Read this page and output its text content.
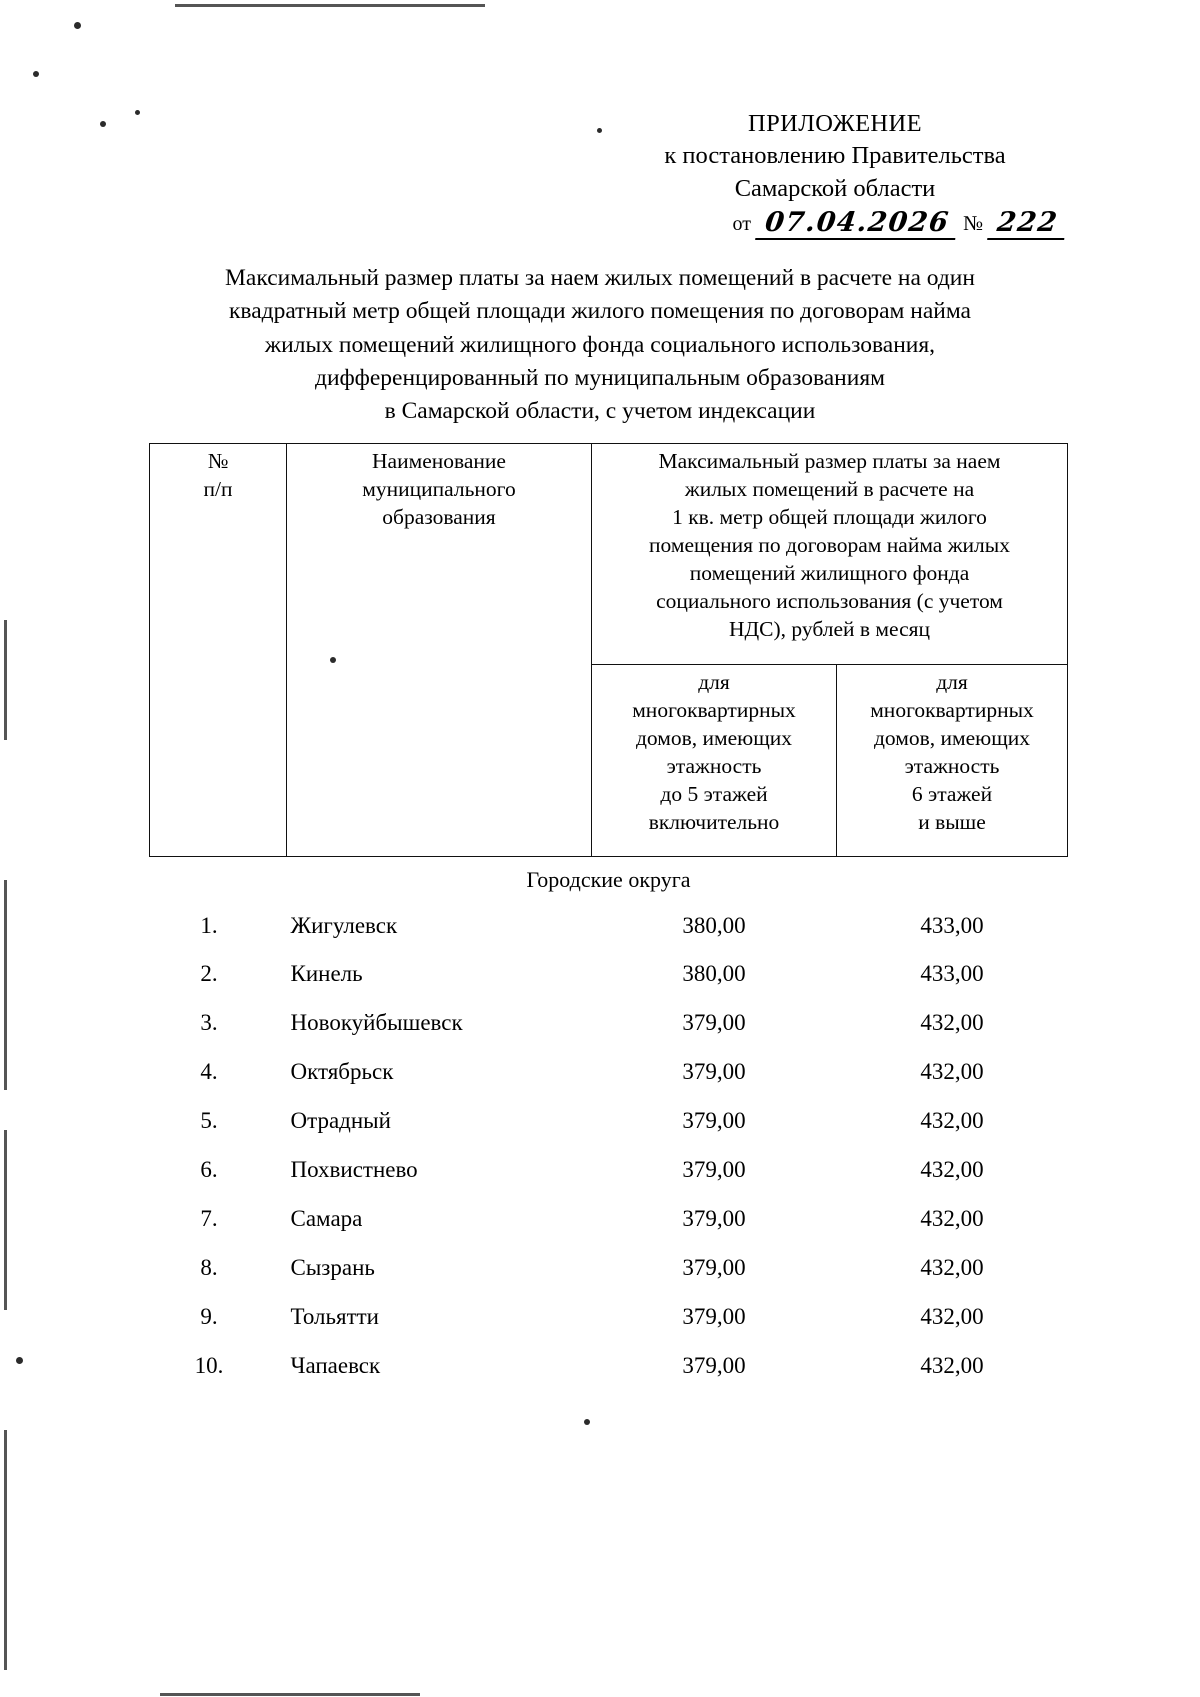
ПРИЛОЖЕНИЕ
к постановлению Правительства
Самарской области
от 07.04.2026 № 222
Максимальный размер платы за наем жилых помещений в расчете на один
квадратный метр общей площади жилого помещения по договорам найма
жилых помещений жилищного фонда социального использования,
дифференцированный по муниципальным образованиям
в Самарской области, с учетом индексации
№
п/п

Наименование
муниципального
образования

Максимальный размер платы за наем
жилых помещений в расчете на
1 кв. метр общей площади жилого
помещения по договорам найма жилых
помещений жилищного фонда
социального использования (с учетом
НДС), рублей в месяц

для
многоквартирных
домов, имеющих
этажность
до 5 этажей
включительно

для
многоквартирных
домов, имеющих
этажность
6 этажей
и выше

Городские округа			
1.	Жигулевск	380,00	433,00
2.	Кинель	380,00	433,00
3.	Новокуйбышевск	379,00	432,00
4.	Октябрьск	379,00	432,00
5.	Отрадный	379,00	432,00
6.	Похвистнево	379,00	432,00
7.	Самара	379,00	432,00
8.	Сызрань	379,00	432,00
9.	Тольятти	379,00	432,00
10.	Чапаевск	379,00	432,00
